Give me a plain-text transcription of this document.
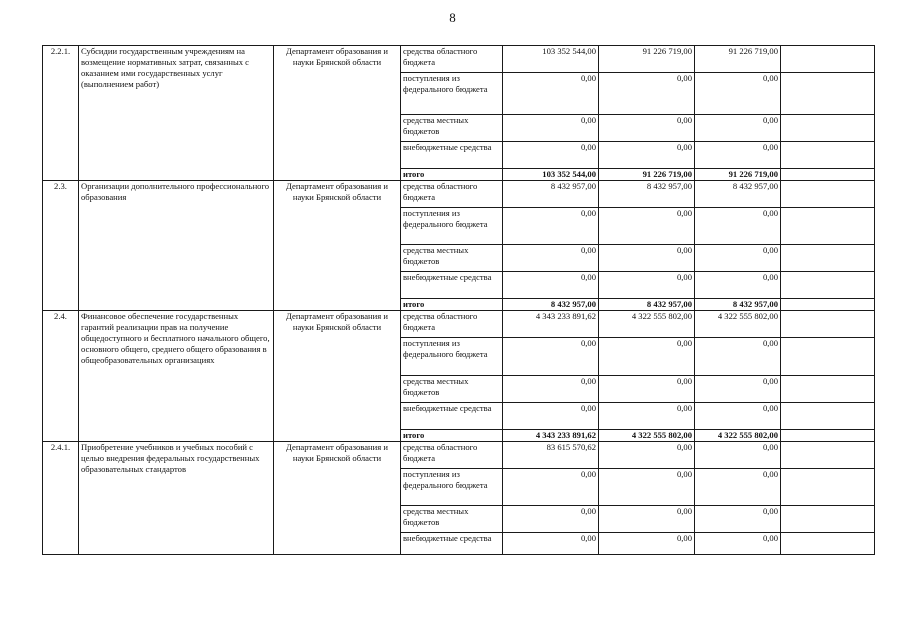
8
2.2.1.	Субсидии государственным учреждениям на возмещение нормативных затрат, связанных с оказанием ими государственных услуг (выполнением работ)	Департамент образования и науки Брянской области	средства областного бюджета	103 352 544,00	91 226 719,00	91 226 719,00	
			поступления из федерального бюджета	0,00	0,00	0,00	
			средства местных бюджетов	0,00	0,00	0,00	
			внебюджетные средства	0,00	0,00	0,00	
			итого	103 352 544,00	91 226 719,00	91 226 719,00	
2.3.	Организации дополнительного профессионального образования	Департамент образования и науки Брянской области	средства областного бюджета	8 432 957,00	8 432 957,00	8 432 957,00	
			поступления из федерального бюджета	0,00	0,00	0,00	
			средства местных бюджетов	0,00	0,00	0,00	
			внебюджетные средства	0,00	0,00	0,00	
			итого	8 432 957,00	8 432 957,00	8 432 957,00	
2.4.	Финансовое обеспечение государственных гарантий реализации прав на получение общедоступного и бесплатного начального общего, основного общего, среднего общего образования в общеобразовательных организациях	Департамент образования и науки Брянской области	средства областного бюджета	4 343 233 891,62	4 322 555 802,00	4 322 555 802,00	
			поступления из федерального бюджета	0,00	0,00	0,00	
			средства местных бюджетов	0,00	0,00	0,00	
			внебюджетные средства	0,00	0,00	0,00	
			итого	4 343 233 891,62	4 322 555 802,00	4 322 555 802,00	
2.4.1.	Приобретение учебников и учебных пособий с целью внедрения федеральных государственных образовательных стандартов	Департамент образования и науки Брянской области	средства областного бюджета	83 615 570,62	0,00	0,00	
			поступления из федерального бюджета	0,00	0,00	0,00	
			средства местных бюджетов	0,00	0,00	0,00	
			внебюджетные средства	0,00	0,00	0,00	
